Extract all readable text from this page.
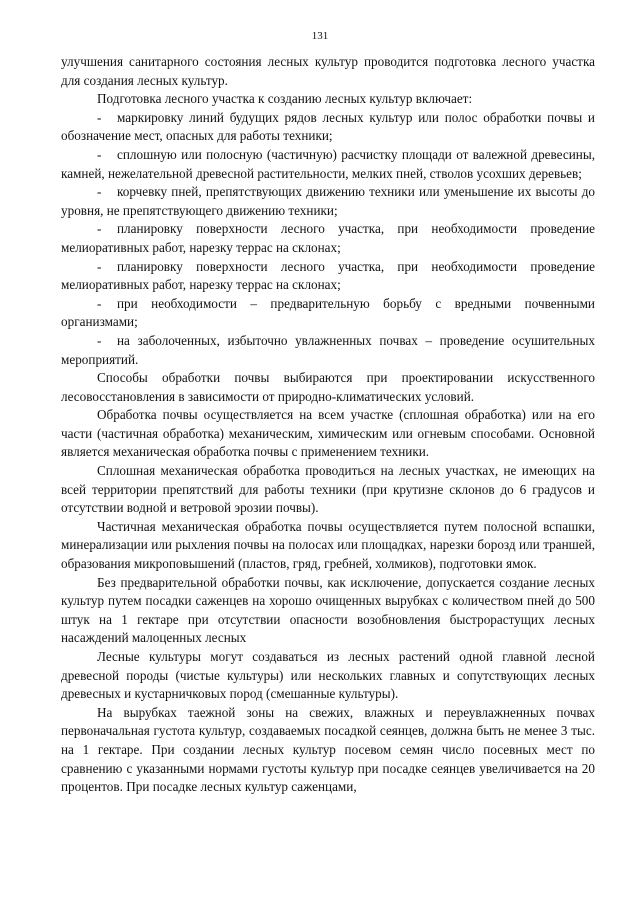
131

улучшения санитарного состояния лесных культур проводится подготовка лесного участка для создания лесных культур.

Подготовка лесного участка к созданию лесных культур включает:

- маркировку линий будущих рядов лесных культур или полос обработки почвы и обозначение мест, опасных для работы техники;

- сплошную или полосную (частичную) расчистку площади от валежной древесины, камней, нежелательной древесной растительности, мелких пней, стволов усохших деревьев;

- корчевку пней, препятствующих движению техники или уменьшение их высоты до уровня, не препятствующего движению техники;

- планировку поверхности лесного участка, при необходимости проведение мелиоративных работ, нарезку террас на склонах;

- планировку поверхности лесного участка, при необходимости проведение мелиоративных работ, нарезку террас на склонах;

- при необходимости – предварительную борьбу с вредными почвенными организмами;

- на заболоченных, избыточно увлажненных почвах – проведение осушительных мероприятий.

Способы обработки почвы выбираются при проектировании искусственного лесовосстановления в зависимости от природно-климатических условий.

Обработка почвы осуществляется на всем участке (сплошная обработка) или на его части (частичная обработка) механическим, химическим или огневым способами. Основной является механическая обработка почвы с применением техники.

Сплошная механическая обработка проводиться на лесных участках, не имеющих на всей территории препятствий для работы техники (при крутизне склонов до 6 градусов и отсутствии водной и ветровой эрозии почвы).

Частичная механическая обработка почвы осуществляется путем полосной вспашки, минерализации или рыхления почвы на полосах или площадках, нарезки борозд или траншей, образования микроповышений (пластов, гряд, гребней, холмиков), подготовки ямок.

Без предварительной обработки почвы, как исключение, допускается создание лесных культур путем посадки саженцев на хорошо очищенных вырубках с количеством пней до 500 штук на 1 гектаре при отсутствии опасности возобновления быстрорастущих лесных насаждений малоценных лесных

Лесные культуры могут создаваться из лесных растений одной главной лесной древесной породы (чистые культуры) или нескольких главных и сопутствующих лесных древесных и кустарничковых пород (смешанные культуры).

На вырубках таежной зоны на свежих, влажных и переувлажненных почвах первоначальная густота культур, создаваемых посадкой сеянцев, должна быть не менее 3 тыс. на 1 гектаре. При создании лесных культур посевом семян число посевных мест по сравнению с указанными нормами густоты культур при посадке сеянцев увеличивается на 20 процентов. При посадке лесных культур саженцами,
